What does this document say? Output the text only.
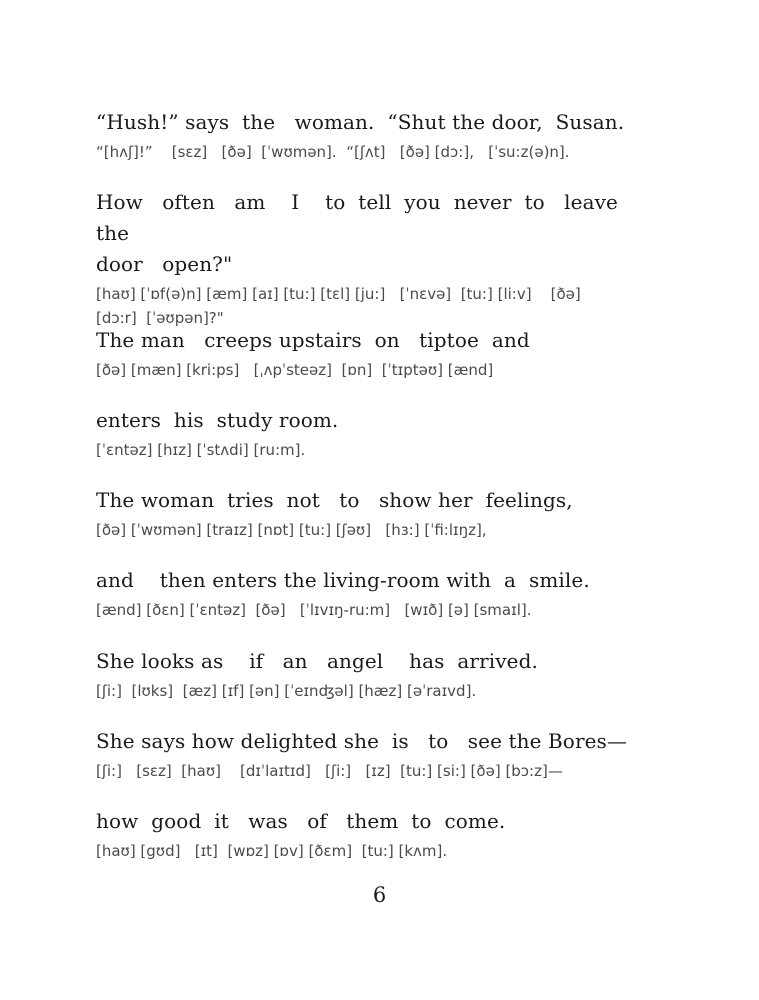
“Hush!” says  the   woman.  “Shut the door,  Susan.
“[hʌʃ]!”    [sɛz]   [ðə]  [ˈwʊmən].  “[ʃʌt]   [ðə] [dɔ:],   [ˈsu:z(ə)n].
How   often   am    I    to  tell  you  never  to   leave the
door   open?"
[haʊ] [ˈɒf(ə)n] [æm] [aɪ] [tu:] [tɛl] [ju:]   [ˈnɛvə]  [tu:] [li:v]    [ðə]
[dɔ:r]  [ˈəʊpən]?"
The man   creeps upstairs  on   tiptoe  and
[ðə] [mæn] [kri:ps]   [ˌʌpˈsteəz]  [ɒn]  [ˈtɪptəʊ] [ænd]
enters  his  study room.
[ˈɛntəz] [hɪz] [ˈstʌdi] [ru:m].
The woman  tries  not   to   show her  feelings,
[ðə] [ˈwʊmən] [traɪz] [nɒt] [tu:] [ʃəʊ]   [hɜ:] [ˈfi:lɪŋz],
and    then enters the living-room with  a  smile.
[ænd] [ðɛn] [ˈɛntəz]  [ðə]   [ˈlɪvɪŋ-ru:m]   [wɪð] [ə] [smaɪl].
She looks as    if   an   angel    has  arrived.
[ʃi:]  [lʊks]  [æz] [ɪf] [ən] [ˈeɪnʤəl] [hæz] [əˈraɪvd].
She says how delighted she  is   to   see the Bores—
[ʃi:]   [sɛz]  [haʊ]    [dɪˈlaɪtɪd]   [ʃi:]   [ɪz]  [tu:] [si:] [ðə] [bɔ:z]—
how  good  it   was   of   them  to  come.
[haʊ] [gʊd]   [ɪt]  [wɒz] [ɒv] [ðɛm]  [tu:] [kʌm].
6
